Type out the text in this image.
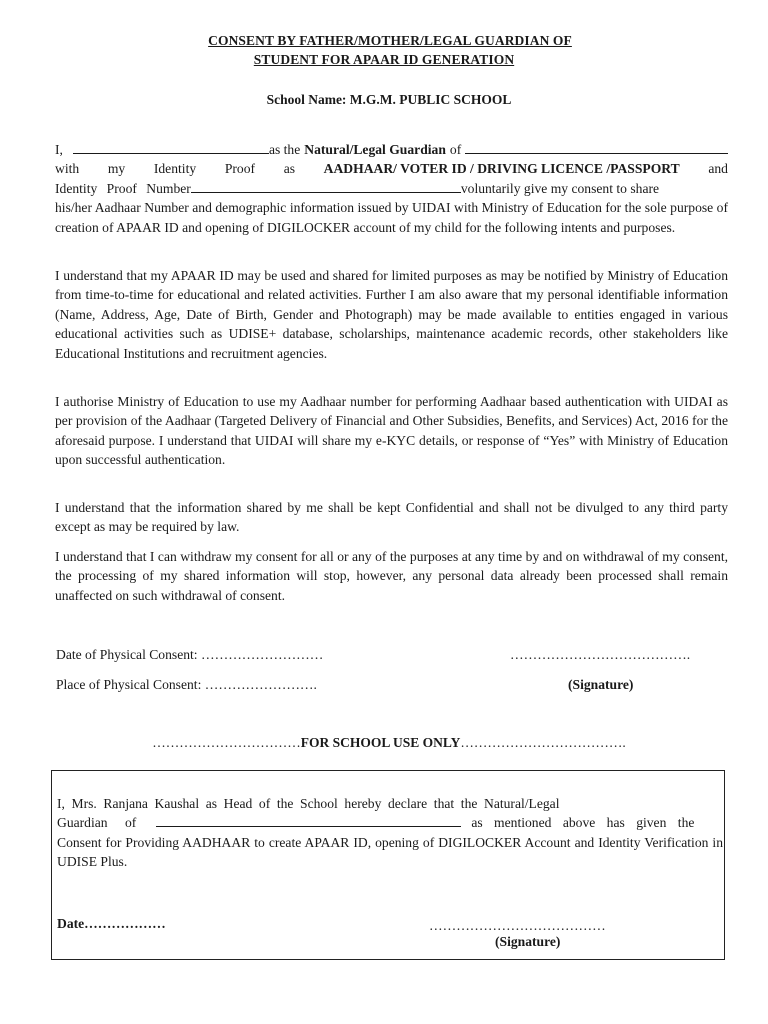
CONSENT BY FATHER/MOTHER/LEGAL GUARDIAN OF
STUDENT FOR APAAR ID GENERATION
School Name: M.G.M. PUBLIC SCHOOL
I,	as the Natural/Legal Guardian of
with my Identity Proof as AADHAAR/ VOTER ID / DRIVING LICENCE /PASSPORT and
Identity Proof Number	voluntarily give my consent to share

his/her Aadhaar Number and demographic information issued by UIDAI with Ministry of Education for the sole purpose of creation of APAAR ID and opening of DIGILOCKER account of my child for the following intents and purposes.

I understand that my APAAR ID may be used and shared for limited purposes as may be notified by Ministry of Education from time-to-time for educational and related activities. Further I am also aware that my personal identifiable information (Name, Address, Age, Date of Birth, Gender and Photograph) may be made available to entities engaged in various educational activities such as UDISE+ database, scholarships, maintenance academic records, other stakeholders like Educational Institutions and recruitment agencies.
I authorise Ministry of Education to use my Aadhaar number for performing Aadhaar based authentication with UIDAI as per provision of the Aadhaar (Targeted Delivery of Financial and Other Subsidies, Benefits, and Services) Act, 2016 for the aforesaid purpose. I understand that UIDAI will share my e-KYC details, or response of “Yes” with Ministry of Education upon successful authentication.
I understand that the information shared by me shall be kept Confidential and shall not be divulged to any third party except as may be required by law.
I understand that I can withdraw my consent for all or any of the purposes at any time by and on withdrawal of my consent, the processing of my shared information will stop, however, any personal data already been processed shall remain unaffected on such withdrawal of consent.
Date of Physical Consent: ………………………
Place of Physical Consent: …………………….
………………………………….
(Signature)
……………………………FOR SCHOOL USE ONLY……………………………….
I, Mrs. Ranjana Kaushal as Head of the School hereby declare that the Natural/Legal
Guardian of	as mentioned above has given the

Consent for Providing AADHAAR to create APAAR ID, opening of DIGILOCKER Account and Identity Verification in UDISE Plus.

Date………………	…………………………………
(Signature)
